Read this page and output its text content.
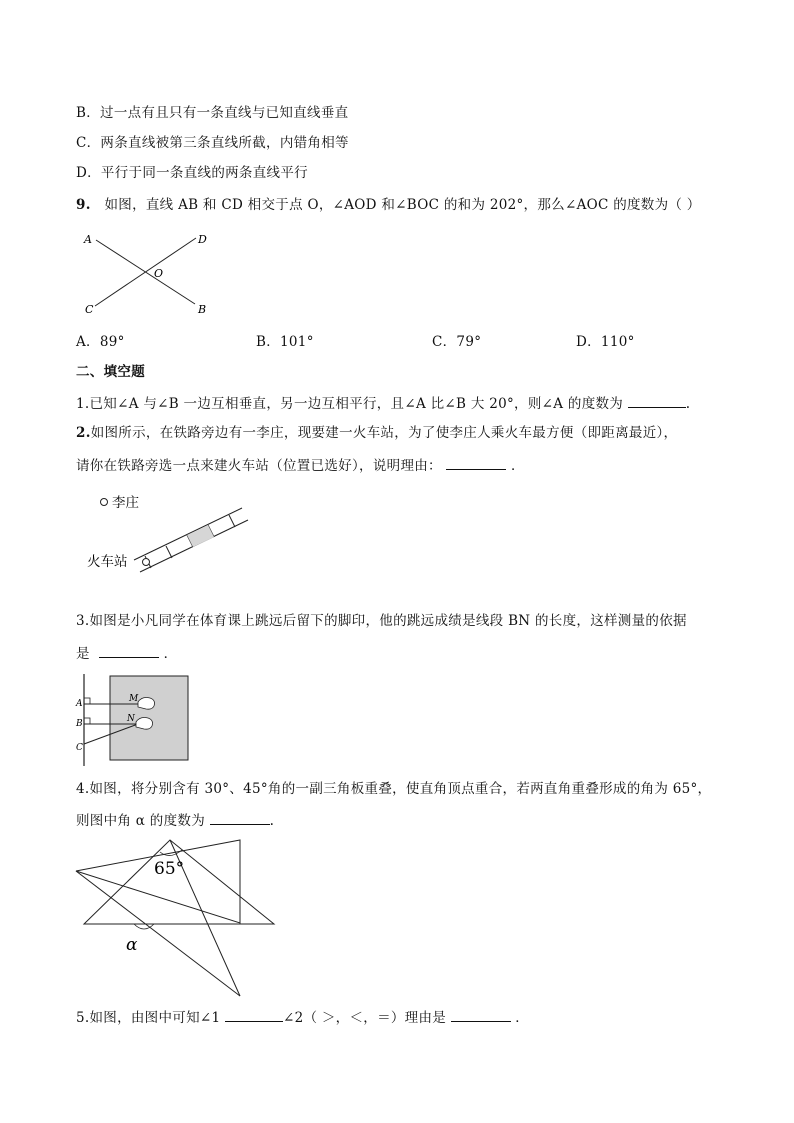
B．过一点有且只有一条直线与已知直线垂直
C．两条直线被第三条直线所截，内错角相等
D．平行于同一条直线的两条直线平行
9. 如图，直线 AB 和 CD 相交于点 O，∠AOD 和∠BOC 的和为 202°，那么∠AOC 的度数为（ ）
A	D
O
C	B
A．89°	B．101°	C．79°	D．110°
二、填空题
1.已知∠A 与∠B 一边互相垂直，另一边互相平行，且∠A 比∠B 大 20°，则∠A 的度数为	.
2.如图所示，在铁路旁边有一李庄，现要建一火车站，为了使李庄人乘火车最方便（即距离最近），
请你在铁路旁选一点来建火车站（位置已选好），说明理由：	．
李庄
火车站
3.如图是小凡同学在体育课上跳远后留下的脚印，他的跳远成绩是线段 BN 的长度，这样测量的依据
是	．
A
B
C
M
N
4.如图，将分别含有 30°、45°角的一副三角板重叠，使直角顶点重合，若两直角重叠形成的角为 65°，
则图中角 α 的度数为	.
65°
α
5.如图，由图中可知∠1	∠2（ ＞，＜，＝）理由是	．
